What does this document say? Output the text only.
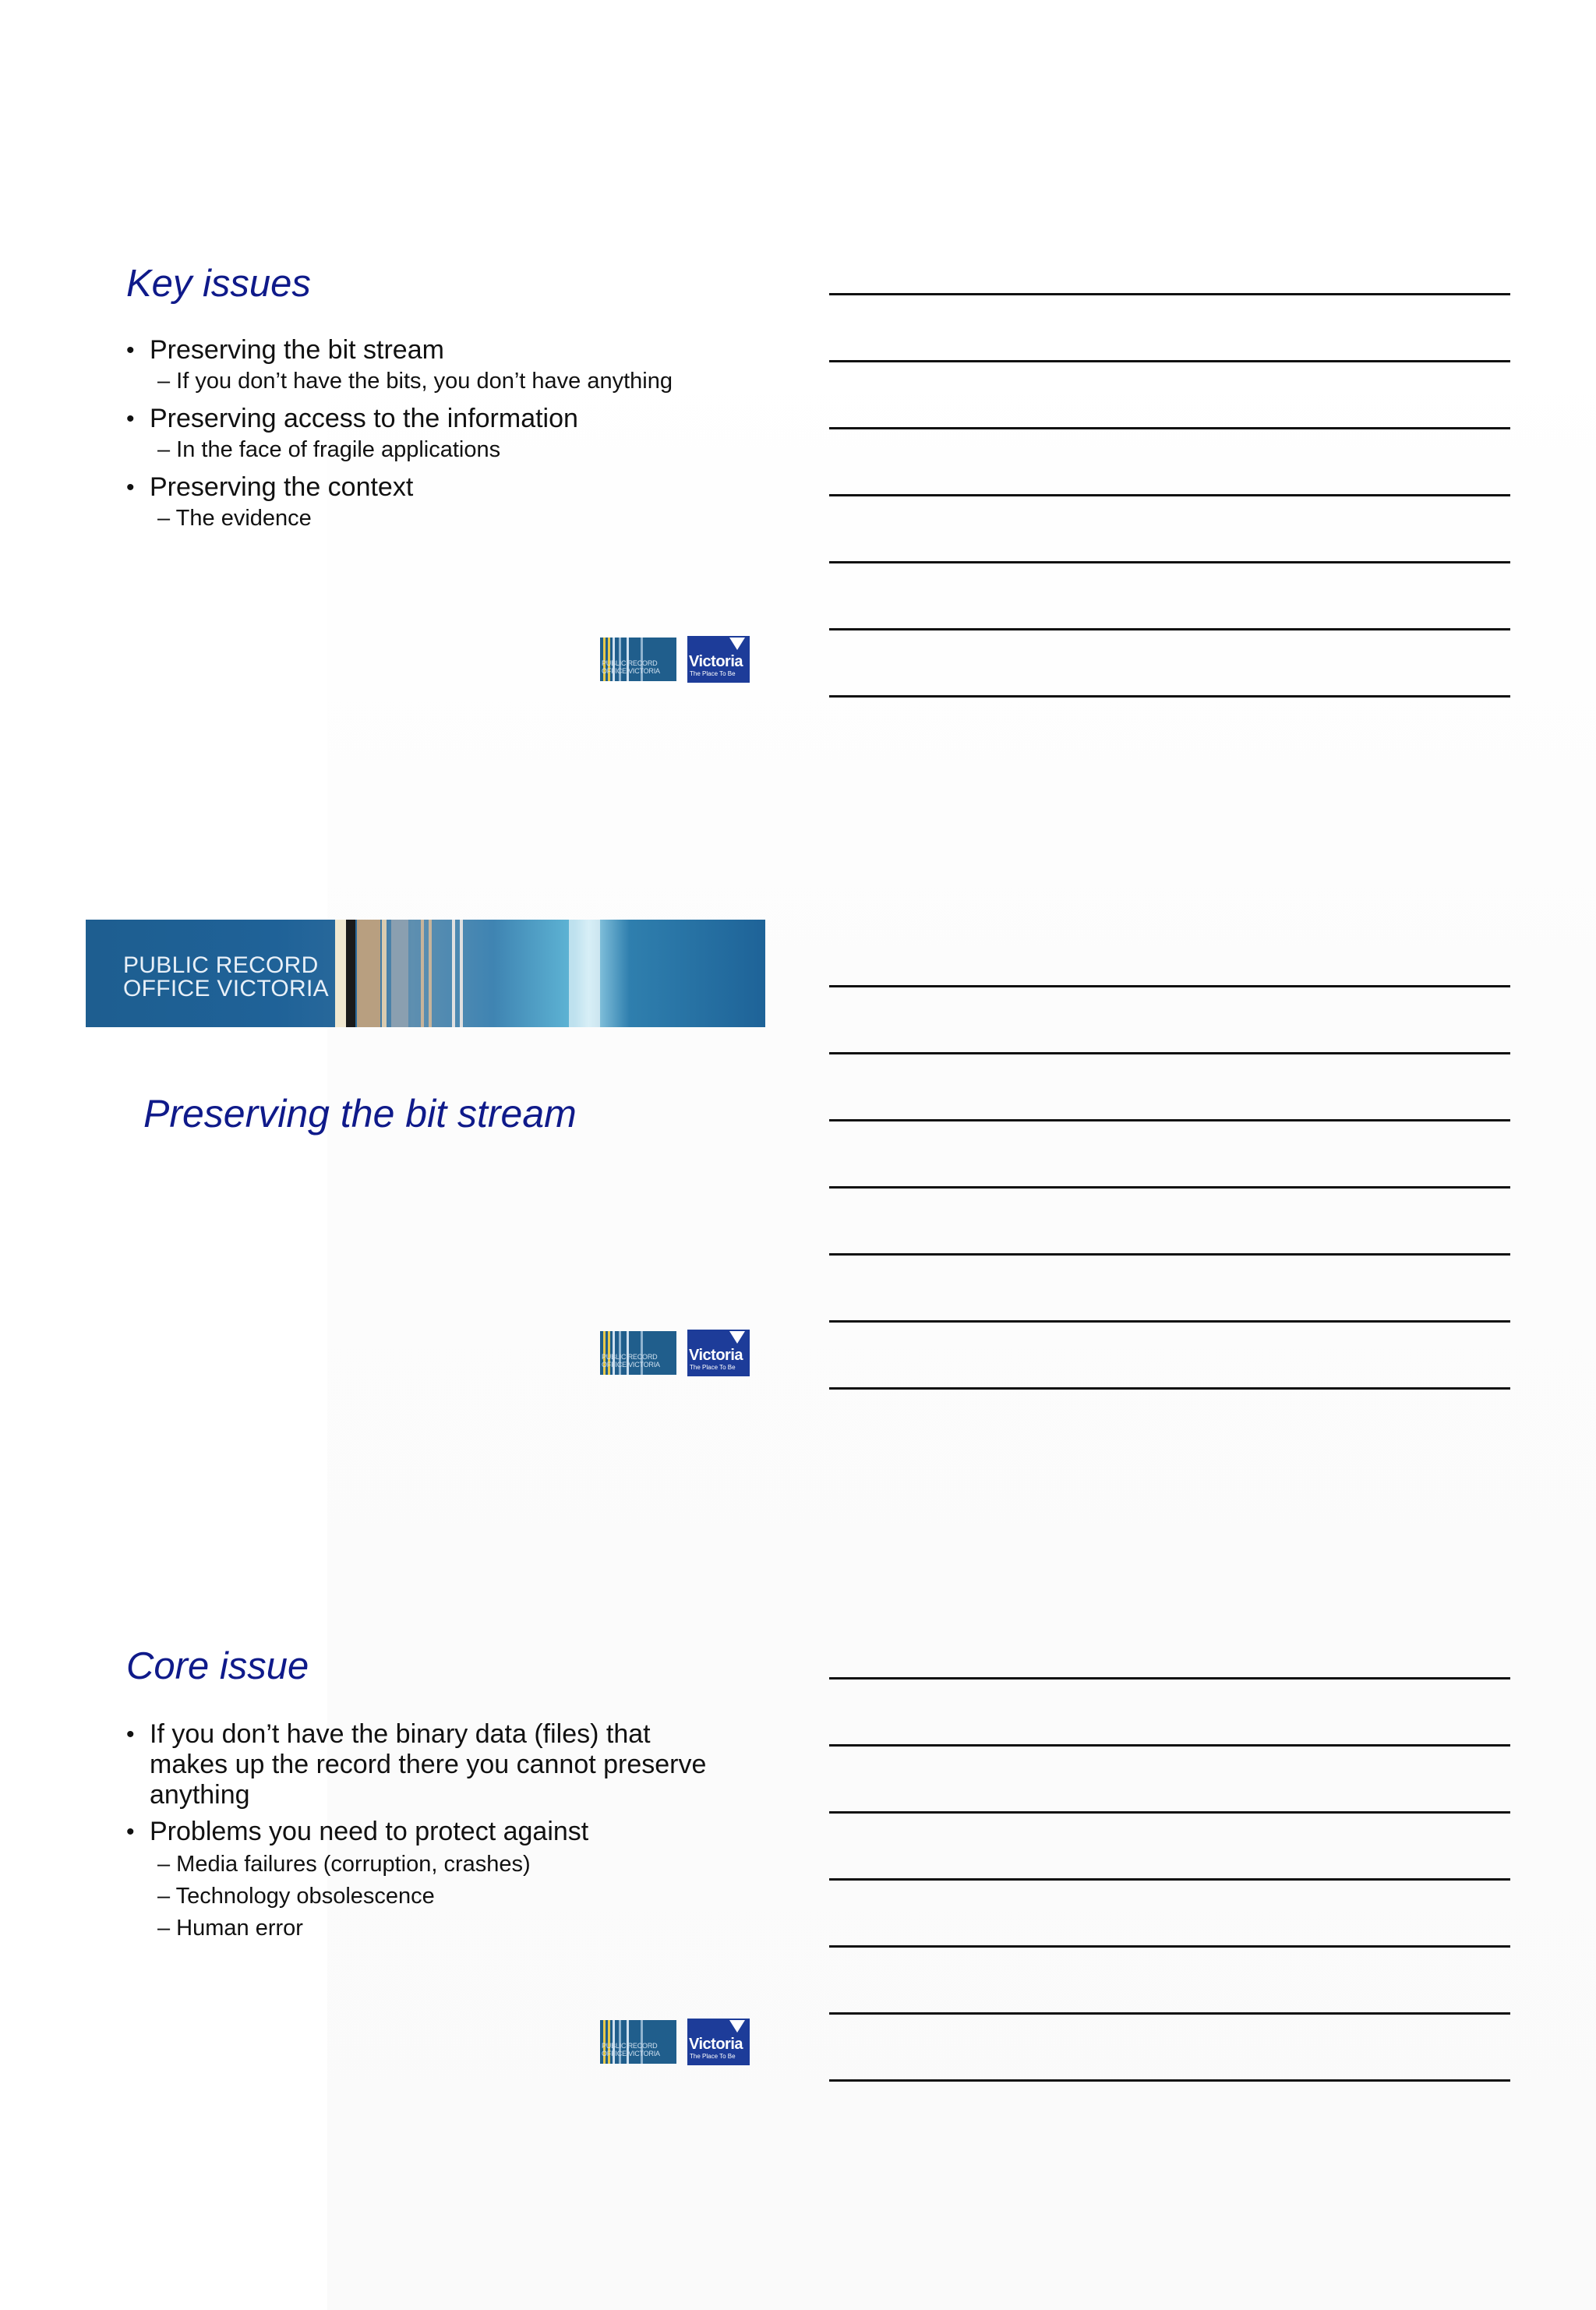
Key issues
• Preserving the bit stream
– If you don’t have the bits, you don’t have anything
• Preserving access to the information
– In the face of fragile applications
• Preserving the context
– The evidence
PUBLIC RECORD OFFICE VICTORIA
Victoria
The Place To Be
PUBLIC RECORD
OFFICE VICTORIA
Preserving the bit stream
PUBLIC RECORD OFFICE VICTORIA
Victoria
The Place To Be
Core issue
• If you don’t have the binary data (files) that makes up the record there you cannot preserve anything
• Problems you need to protect against
– Media failures (corruption, crashes)
– Technology obsolescence
– Human error
PUBLIC RECORD OFFICE VICTORIA
Victoria
The Place To Be
